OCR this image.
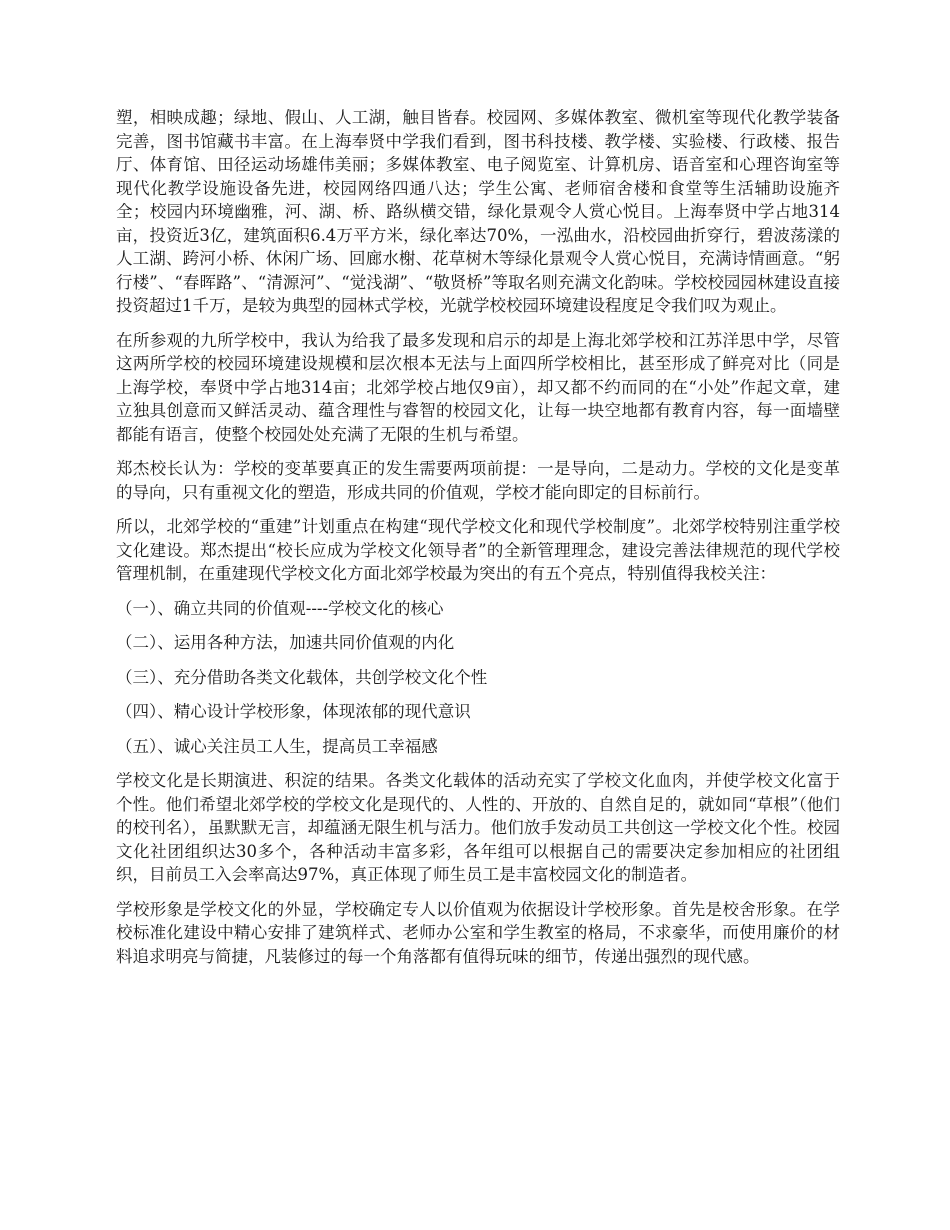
塑，相映成趣；绿地、假山、人工湖，触目皆春。校园网、多媒体教室、微机室等现代化教学装备完善，图书馆藏书丰富。在上海奉贤中学我们看到，图书科技楼、教学楼、实验楼、行政楼、报告厅、体育馆、田径运动场雄伟美丽；多媒体教室、电子阅览室、计算机房、语音室和心理咨询室等现代化教学设施设备先进，校园网络四通八达；学生公寓、老师宿舍楼和食堂等生活辅助设施齐全；校园内环境幽雅，河、湖、桥、路纵横交错，绿化景观令人赏心悦目。上海奉贤中学占地314亩，投资近3亿，建筑面积6.4万平方米，绿化率达70%，一泓曲水，沿校园曲折穿行，碧波荡漾的人工湖、跨河小桥、休闲广场、回廊水榭、花草树木等绿化景观令人赏心悦目，充满诗情画意。“躬行楼”、“春晖路”、“清源河”、“觉浅湖”、“敬贤桥”等取名则充满文化韵味。学校校园园林建设直接投资超过1千万，是较为典型的园林式学校，光就学校校园环境建设程度足令我们叹为观止。

在所参观的九所学校中，我认为给我了最多发现和启示的却是上海北郊学校和江苏洋思中学，尽管这两所学校的校园环境建设规模和层次根本无法与上面四所学校相比，甚至形成了鲜亮对比（同是上海学校，奉贤中学占地314亩；北郊学校占地仅9亩），却又都不约而同的在“小处”作起文章，建立独具创意而又鲜活灵动、蕴含理性与睿智的校园文化，让每一块空地都有教育内容，每一面墙壁都能有语言，使整个校园处处充满了无限的生机与希望。

郑杰校长认为：学校的变革要真正的发生需要两项前提：一是导向，二是动力。学校的文化是变革的导向，只有重视文化的塑造，形成共同的价值观，学校才能向即定的目标前行。

所以，北郊学校的“重建”计划重点在构建“现代学校文化和现代学校制度”。北郊学校特别注重学校文化建设。郑杰提出“校长应成为学校文化领导者”的全新管理理念，建设完善法律规范的现代学校管理机制，在重建现代学校文化方面北郊学校最为突出的有五个亮点，特别值得我校关注：

（一）、确立共同的价值观----学校文化的核心

（二）、运用各种方法，加速共同价值观的内化

（三）、充分借助各类文化载体，共创学校文化个性

（四）、精心设计学校形象，体现浓郁的现代意识

（五）、诚心关注员工人生，提高员工幸福感

学校文化是长期演进、积淀的结果。各类文化载体的活动充实了学校文化血肉，并使学校文化富于个性。他们希望北郊学校的学校文化是现代的、人性的、开放的、自然自足的，就如同“草根”（他们的校刊名），虽默默无言，却蕴涵无限生机与活力。他们放手发动员工共创这一学校文化个性。校园文化社团组织达30多个，各种活动丰富多彩，各年组可以根据自己的需要决定参加相应的社团组织，目前员工入会率高达97%，真正体现了师生员工是丰富校园文化的制造者。

学校形象是学校文化的外显，学校确定专人以价值观为依据设计学校形象。首先是校舍形象。在学校标准化建设中精心安排了建筑样式、老师办公室和学生教室的格局，不求豪华，而使用廉价的材料追求明亮与简捷，凡装修过的每一个角落都有值得玩味的细节，传递出强烈的现代感。
